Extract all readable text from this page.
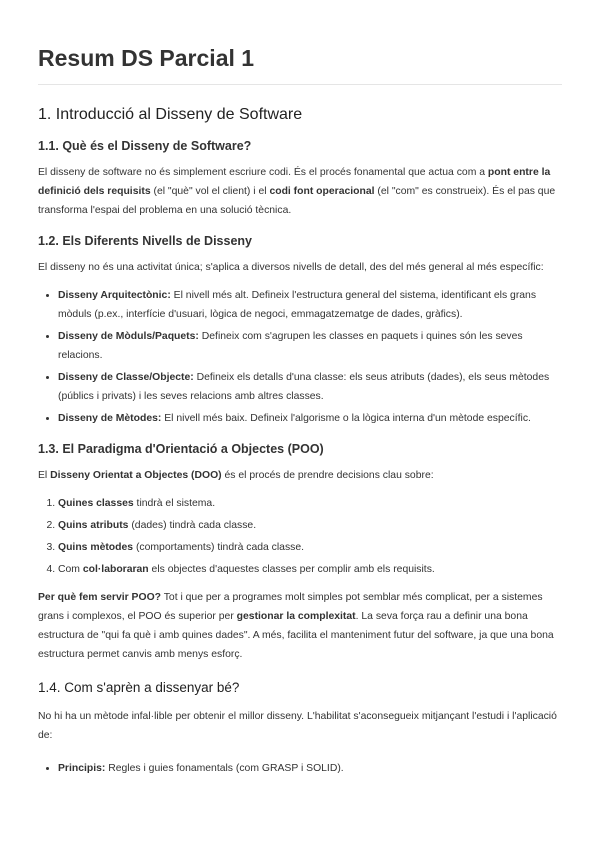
Resum DS Parcial 1
1. Introducció al Disseny de Software
1.1. Què és el Disseny de Software?

El disseny de software no és simplement escriure codi. És el procés fonamental que actua com a pont entre la definició dels requisits (el "què" vol el client) i el codi font operacional (el "com" es construeix). És el pas que transforma l'espai del problema en una solució tècnica.

1.2. Els Diferents Nivells de Disseny

El disseny no és una activitat única; s'aplica a diversos nivells de detall, des del més general al més específic:

• Disseny Arquitectònic: El nivell més alt. Defineix l'estructura general del sistema, identificant els grans mòduls (p.ex., interfície d'usuari, lògica de negoci, emmagatzematge de dades, gràfics).
• Disseny de Mòduls/Paquets: Defineix com s'agrupen les classes en paquets i quines són les seves relacions.
• Disseny de Classe/Objecte: Defineix els detalls d'una classe: els seus atributs (dades), els seus mètodes (públics i privats) i les seves relacions amb altres classes.
• Disseny de Mètodes: El nivell més baix. Defineix l'algorisme o la lògica interna d'un mètode específic.
1.3. El Paradigma d'Orientació a Objectes (POO)

El Disseny Orientat a Objectes (DOO) és el procés de prendre decisions clau sobre:

1. Quines classes tindrà el sistema.
2. Quins atributs (dades) tindrà cada classe.
3. Quins mètodes (comportaments) tindrà cada classe.
4. Com col·laboraran els objectes d'aquestes classes per complir amb els requisits.

Per què fem servir POO? Tot i que per a programes molt simples pot semblar més complicat, per a sistemes grans i complexos, el POO és superior per gestionar la complexitat. La seva força rau a definir una bona estructura de "qui fa què i amb quines dades". A més, facilita el manteniment futur del software, ja que una bona estructura permet canvis amb menys esforç.

1.4. Com s'aprèn a dissenyar bé?

No hi ha un mètode infal·lible per obtenir el millor disseny. L'habilitat s'aconsegueix mitjançant l'estudi i l'aplicació de:

• Principis: Regles i guies fonamentals (com GRASP i SOLID).
